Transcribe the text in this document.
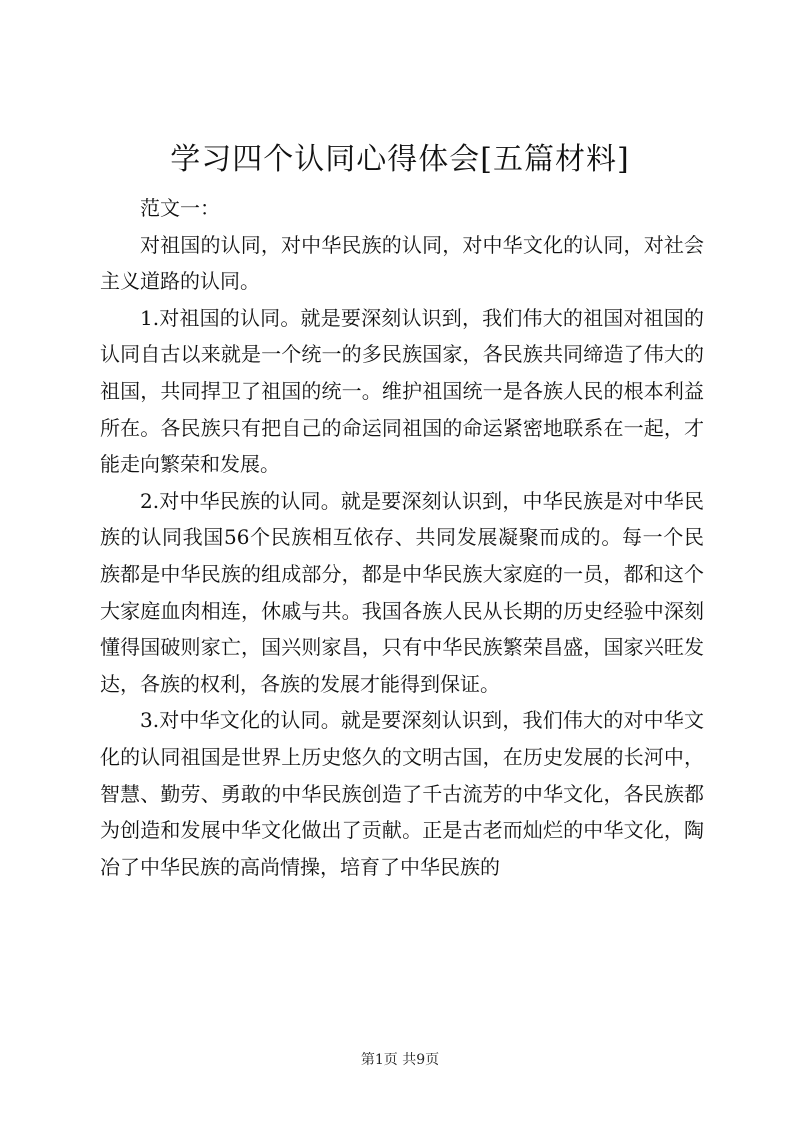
学习四个认同心得体会[五篇材料]

范文一：

对祖国的认同，对中华民族的认同，对中华文化的认同，对社会主义道路的认同。

1.对祖国的认同。就是要深刻认识到，我们伟大的祖国对祖国的认同自古以来就是一个统一的多民族国家，各民族共同缔造了伟大的祖国，共同捍卫了祖国的统一。维护祖国统一是各族人民的根本利益所在。各民族只有把自己的命运同祖国的命运紧密地联系在一起，才能走向繁荣和发展。

2.对中华民族的认同。就是要深刻认识到，中华民族是对中华民族的认同我国56个民族相互依存、共同发展凝聚而成的。每一个民族都是中华民族的组成部分，都是中华民族大家庭的一员，都和这个大家庭血肉相连，休戚与共。我国各族人民从长期的历史经验中深刻懂得国破则家亡，国兴则家昌，只有中华民族繁荣昌盛，国家兴旺发达，各族的权利，各族的发展才能得到保证。

3.对中华文化的认同。就是要深刻认识到，我们伟大的对中华文化的认同祖国是世界上历史悠久的文明古国，在历史发展的长河中，智慧、勤劳、勇敢的中华民族创造了千古流芳的中华文化，各民族都为创造和发展中华文化做出了贡献。正是古老而灿烂的中华文化，陶冶了中华民族的高尚情操，培育了中华民族的

第1页 共9页
